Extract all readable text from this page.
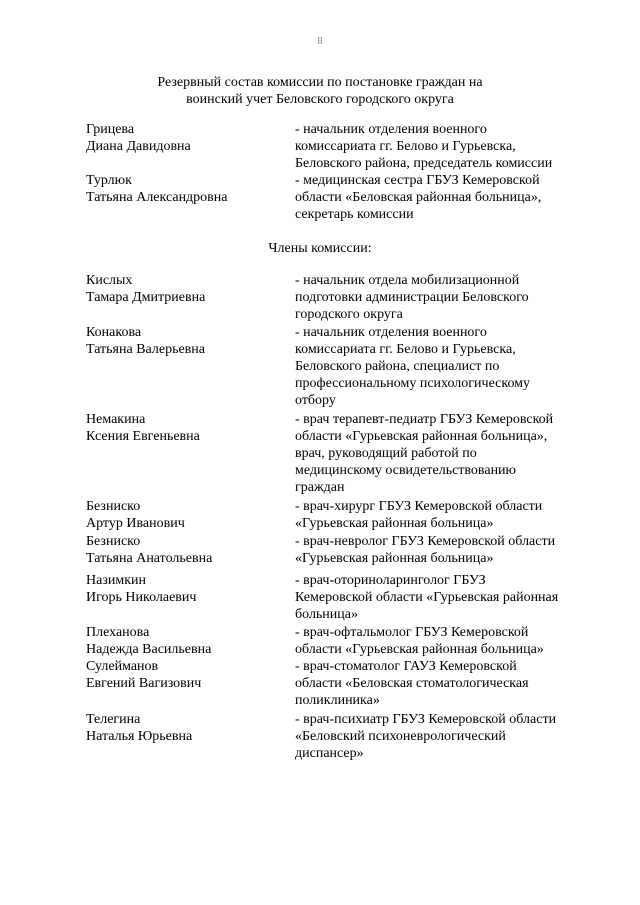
8
Резервный состав комиссии по постановке граждан на
воинский учет Беловского городского округа
Грицева
Диана Давидовна
- начальник отделения военного
комиссариата гг. Белово и Гурьевска,
Беловского района, председатель комиссии
Турлюк
Татьяна Александровна
- медицинская сестра ГБУЗ Кемеровской
области «Беловская районная больница»,
секретарь комиссии
Члены комиссии:
Кислых
Тамара Дмитриевна
- начальник отдела мобилизационной
подготовки администрации Беловского
городского округа
Конакова
Татьяна Валерьевна
- начальник отделения военного
комиссариата гг. Белово и Гурьевска,
Беловского района, специалист по
профессиональному психологическому
отбору
Немакина
Ксения Евгеньевна
- врач терапевт-педиатр ГБУЗ Кемеровской
области «Гурьевская районная больница»,
врач, руководящий работой по
медицинскому освидетельствованию
граждан
Безниско
Артур Иванович
- врач-хирург ГБУЗ Кемеровской области
«Гурьевская районная больница»
Безниско
Татьяна Анатольевна
- врач-невролог ГБУЗ Кемеровской области
«Гурьевская районная больница»
Назимкин
Игорь Николаевич
- врач-оториноларинголог ГБУЗ
Кемеровской области «Гурьевская районная
больница»
Плеханова
Надежда Васильевна
- врач-офтальмолог ГБУЗ Кемеровской
области «Гурьевская районная больница»
Сулейманов
Евгений Вагизович
- врач-стоматолог ГАУЗ Кемеровской
области «Беловская стоматологическая
поликлиника»
Телегина
Наталья Юрьевна
- врач-психиатр ГБУЗ Кемеровской области
«Беловский психоневрологический
диспансер»
